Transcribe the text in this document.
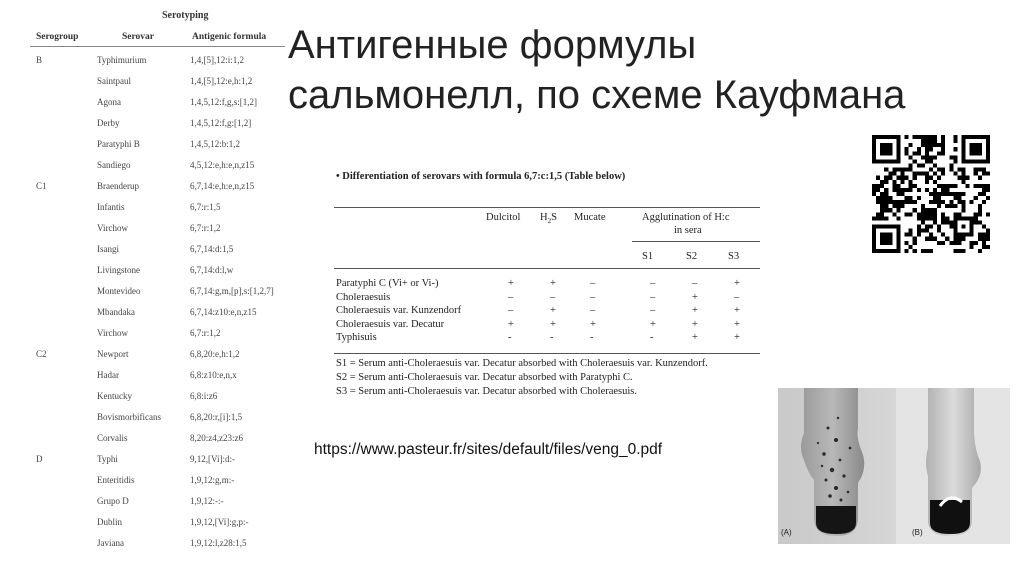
Serotyping
Serogroup	Serovar	Antigenic formula
B	Typhimurium	1,4,[5],12:i:1,2
Saintpaul	1,4,[5],12:e,h:1,2
Agona	1,4,5,12:f,g,s:[1,2]
Derby	1,4,5,12:f,g:[1,2]
Paratyphi B	1,4,5,12:b:1,2
Sandiego	4,5,12:e,h:e,n,z15
C1	Braenderup	6,7,14:e,h:e,n,z15
Infantis	6,7:r:1,5
Virchow	6,7:r:1,2
Isangi	6,7,14:d:1,5
Livingstone	6,7,14:d:l,w
Montevideo	6,7,14:g,m,[p],s:[1,2,7]
Mbandaka	6,7,14:z10:e,n,z15
Virchow	6,7:r:1,2
C2	Newport	6,8,20:e,h:1,2
Hadar	6,8:z10:e,n,x
Kentucky	6,8:i:z6
Bovismorbificans	6,8,20:r,[i]:1,5
Corvalis	8,20:z4,z23:z6
D	Typhi	9,12,[Vi]:d:-
Enteritidis	1,9,12:g,m:-
Grupo D	1,9,12:-:-
Dublin	1,9,12,[Vi]:g,p:-
Javiana	1,9,12:l,z28:1,5
Антигенные формулы
сальмонелл, по схеме Кауфмана
• Differentiation of serovars with formula 6,7:c:1,5 (Table below)
Dulcitol $H_2S$ Mucate	Agglutination of H:c
in sera
S1	S2	S3
Paratyphi C (Vi+ or Vi-)	+	+	–	–	–	+
Choleraesuis	–	–	–	–	+	–
Choleraesuis var. Kunzendorf	–	+	–	–	+	+
Choleraesuis var. Decatur	+	+	+	+	+	+
Typhisuis	-	-	-	-	+	+
S1 = Serum anti-Choleraesuis var. Decatur absorbed with Choleraesuis var. Kunzendorf.
S2 = Serum anti-Choleraesuis var. Decatur absorbed with Paratyphi C.
S3 = Serum anti-Choleraesuis var. Decatur absorbed with Choleraesuis.
https://www.pasteur.fr/sites/default/files/veng_0.pdf
(A)	(B)
